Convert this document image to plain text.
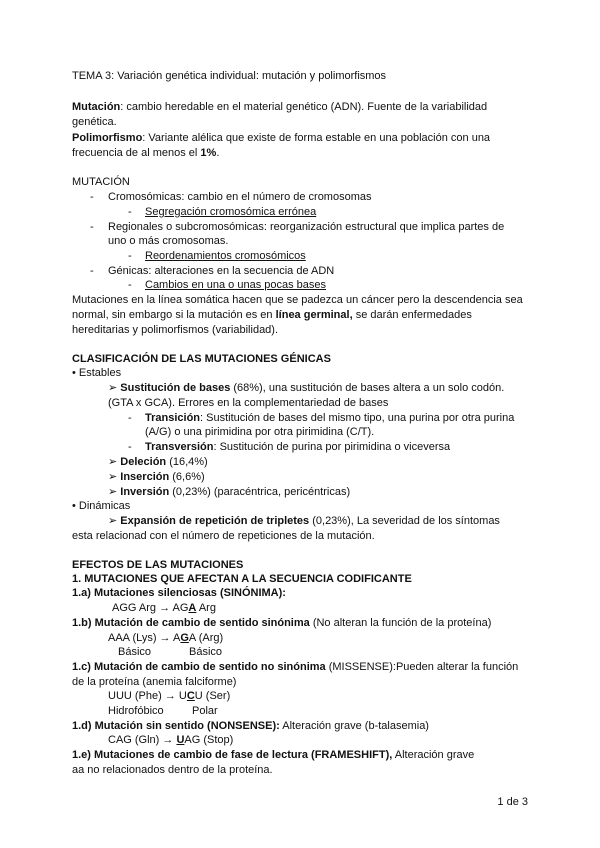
TEMA 3: Variación genética individual: mutación y polimorfismos
Mutación: cambio heredable en el material genético (ADN). Fuente de la variabilidad
genética.
Polimorfismo: Variante alélica que existe de forma estable en una población con una
frecuencia de al menos el 1%.
MUTACIÓN
- Cromosómicas: cambio en el número de cromosomas
- Segregación cromosómica errónea
- Regionales o subcromosómicas: reorganización estructural que implica partes de
uno o más cromosomas.
- Reordenamientos cromosómicos
- Génicas: alteraciones en la secuencia de ADN
- Cambios en una o unas pocas bases
Mutaciones en la línea somática hacen que se padezca un cáncer pero la descendencia sea
normal, sin embargo si la mutación es en línea germinal, se darán enfermedades
hereditarias y polimorfismos (variabilidad).
CLASIFICACIÓN DE LAS MUTACIONES GÉNICAS
• Estables
➢ Sustitución de bases (68%), una sustitución de bases altera a un solo codón.
(GTA x GCA). Errores en la complementariedad de bases
- Transición: Sustitución de bases del mismo tipo, una purina por otra purina
(A/G) o una pirimidina por otra pirimidina (C/T).
- Transversión: Sustitución de purina por pirimidina o viceversa
➢ Deleción (16,4%)
➢ Inserción (6,6%)
➢ Inversión (0,23%) (paracéntrica, pericéntricas)
• Dinámicas
➢ Expansión de repetición de tripletes (0,23%), La severidad de los síntomas
esta relacionad con el número de repeticiones de la mutación.
EFECTOS DE LAS MUTACIONES
1. MUTACIONES QUE AFECTAN A LA SECUENCIA CODIFICANTE
1.a) Mutaciones silenciosas (SINÓNIMA):
AGG Arg → AGA Arg
1.b) Mutación de cambio de sentido sinónima (No alteran la función de la proteína)
AAA (Lys) → AGA (Arg)
Básico	Básico
1.c) Mutación de cambio de sentido no sinónima (MISSENSE):Pueden alterar la función
de la proteína (anemia falciforme)
UUU (Phe) → UCU (Ser)
Hidrofóbico	Polar
1.d) Mutación sin sentido (NONSENSE): Alteración grave (b-talasemia)
CAG (Gln) → UAG (Stop)
1.e) Mutaciones de cambio de fase de lectura (FRAMESHIFT), Alteración grave
aa no relacionados dentro de la proteína.
1 de 3
